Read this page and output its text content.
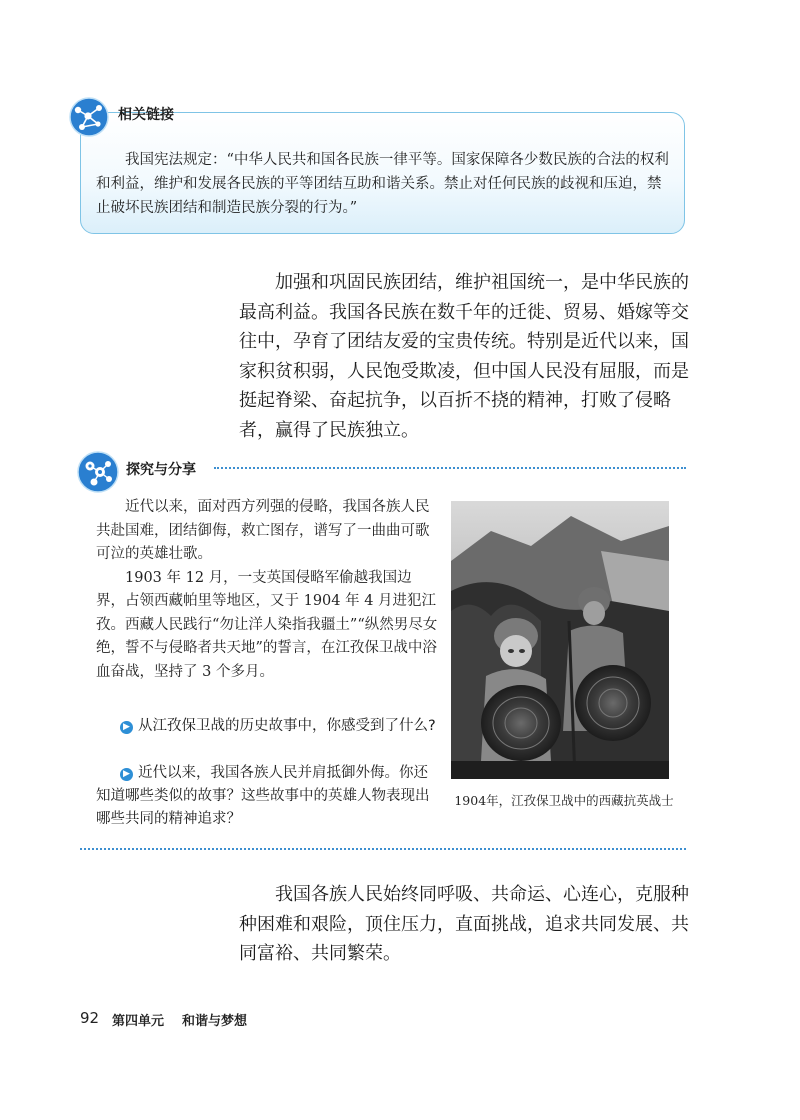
相关链接
我国宪法规定：“中华人民共和国各民族一律平等。国家保障各少数民族的合法的权利和利益，维护和发展各民族的平等团结互助和谐关系。禁止对任何民族的歧视和压迫，禁止破坏民族团结和制造民族分裂的行为。”
加强和巩固民族团结，维护祖国统一，是中华民族的最高利益。我国各民族在数千年的迁徙、贸易、婚嫁等交往中，孕育了团结友爱的宝贵传统。特别是近代以来，国家积贫积弱，人民饱受欺凌，但中国人民没有屈服，而是挺起脊梁、奋起抗争，以百折不挠的精神，打败了侵略者，赢得了民族独立。
探究与分享

近代以来，面对西方列强的侵略，我国各族人民共赴国难，团结御侮，救亡图存，谱写了一曲曲可歌可泣的英雄壮歌。

1903 年 12 月，一支英国侵略军偷越我国边界，占领西藏帕里等地区，又于 1904 年 4 月进犯江孜。西藏人民践行“勿让洋人染指我疆土”“纵然男尽女绝，誓不与侵略者共天地”的誓言，在江孜保卫战中浴血奋战，坚持了 3 个多月。

▶ 从江孜保卫战的历史故事中，你感受到了什么?
▶ 近代以来，我国各族人民并肩抵御外侮。你还知道哪些类似的故事？这些故事中的英雄人物表现出哪些共同的精神追求？
1904年，江孜保卫战中的西藏抗英战士
我国各族人民始终同呼吸、共命运、心连心，克服种种困难和艰险，顶住压力，直面挑战，追求共同发展、共同富裕、共同繁荣。
92 第四单元 和谐与梦想
